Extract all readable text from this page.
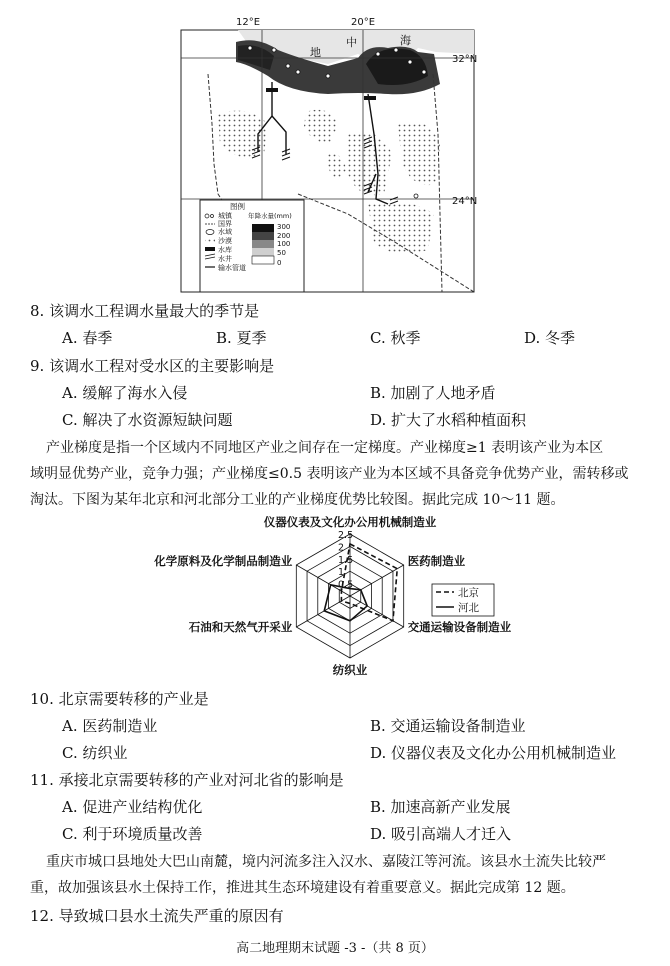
12°E	20°E
32°N
24°N
地
中	海
图例
城镇
国界
水域
沙漠
水库
水井
输水管道
年降水量(mm)
300
200
100
50
0
8. 该调水工程调水量最大的季节是
A. 春季	B. 夏季	C. 秋季	D. 冬季
9. 该调水工程对受水区的主要影响是
A. 缓解了海水入侵	B. 加剧了人地矛盾
C. 解决了水资源短缺问题	D. 扩大了水稻种植面积
产业梯度是指一个区域内不同地区产业之间存在一定梯度。产业梯度≥1 表明该产业为本区
域明显优势产业，竞争力强；产业梯度≤0.5 表明该产业为本区域不具备竞争优势产业，需转移或
淘汰。下图为某年北京和河北部分工业的产业梯度优势比较图。据此完成 10～11 题。
2.5
2
1.5
1
0.5
仪器仪表及文化办公用机械制造业
医药制造业
交通运输设备制造业
纺织业
石油和天然气开采业
化学原料及化学制品制造业
北京
河北
10. 北京需要转移的产业是
A. 医药制造业	B. 交通运输设备制造业
C. 纺织业	D. 仪器仪表及文化办公用机械制造业
11. 承接北京需要转移的产业对河北省的影响是
A. 促进产业结构优化	B. 加速高新产业发展
C. 利于环境质量改善	D. 吸引高端人才迁入
重庆市城口县地处大巴山南麓，境内河流多注入汉水、嘉陵江等河流。该县水土流失比较严
重，故加强该县水土保持工作，推进其生态环境建设有着重要意义。据此完成第 12 题。
12. 导致城口县水土流失严重的原因有
高二地理期末试题 -3 -（共 8 页）
